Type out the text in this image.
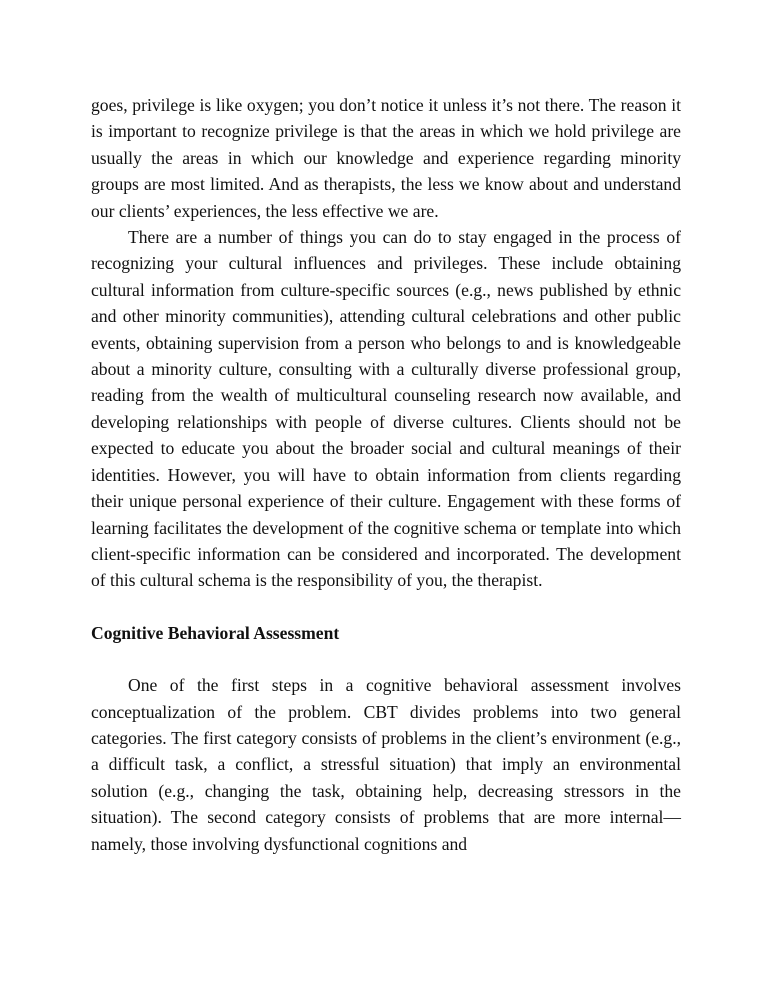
goes, privilege is like oxygen; you don’t notice it unless it’s not there. The reason it is important to recognize privilege is that the areas in which we hold privilege are usually the areas in which our knowledge and experience regarding minority groups are most limited. And as therapists, the less we know about and understand our clients’ experiences, the less effective we are.

There are a number of things you can do to stay engaged in the process of recognizing your cultural influences and privileges. These include obtaining cultural information from culture-specific sources (e.g., news published by ethnic and other minority communities), attending cultural celebrations and other public events, obtaining supervision from a person who belongs to and is knowledgeable about a minority culture, consulting with a culturally diverse professional group, reading from the wealth of multicultural counseling research now available, and developing relationships with people of diverse cultures. Clients should not be expected to educate you about the broader social and cultural meanings of their identities. However, you will have to obtain information from clients regarding their unique personal experience of their culture. Engagement with these forms of learning facilitates the development of the cognitive schema or template into which client-specific information can be considered and incorporated. The development of this cultural schema is the responsibility of you, the therapist.

Cognitive Behavioral Assessment

One of the first steps in a cognitive behavioral assessment involves conceptualization of the problem. CBT divides problems into two general categories. The first category consists of problems in the client’s environment (e.g., a difficult task, a conflict, a stressful situation) that imply an environmental solution (e.g., changing the task, obtaining help, decreasing stressors in the situation). The second category consists of problems that are more internal—namely, those involving dysfunctional cognitions and
